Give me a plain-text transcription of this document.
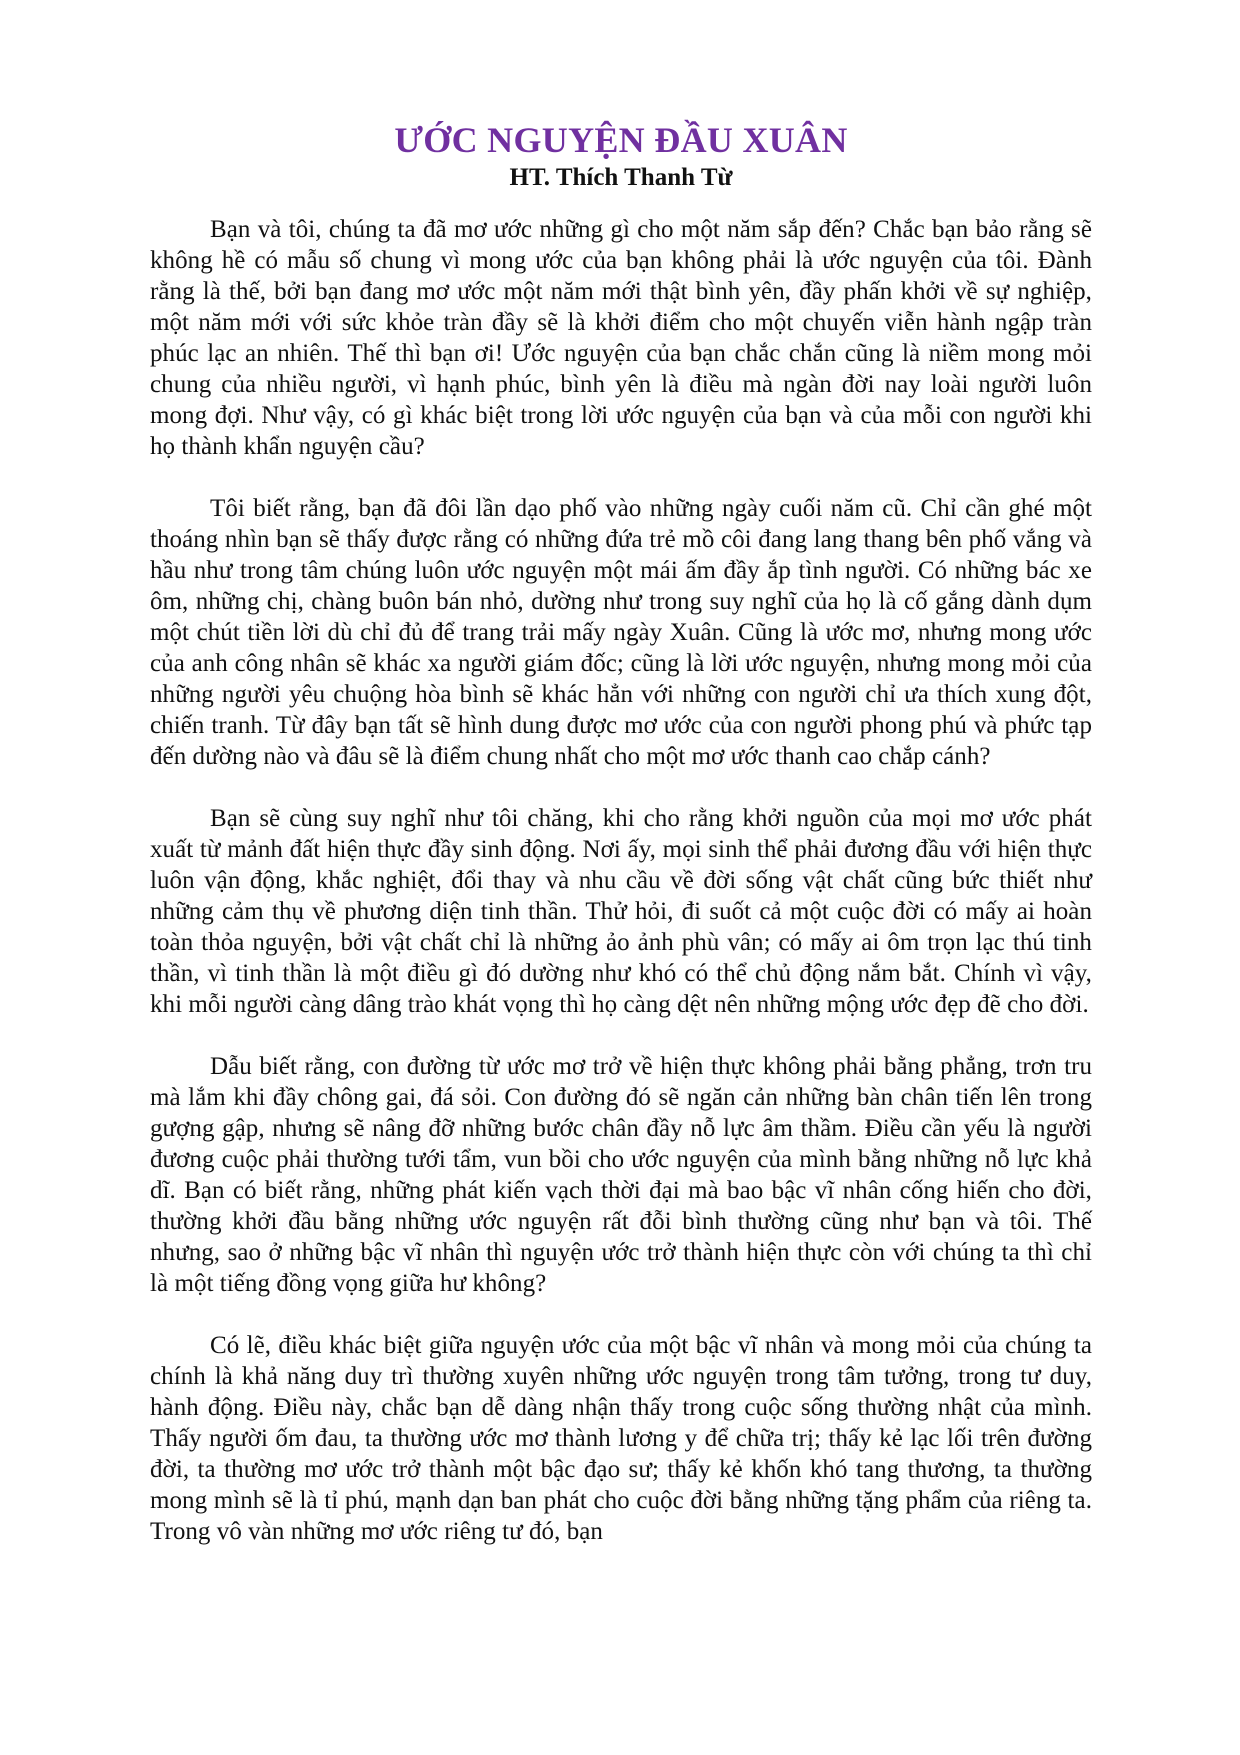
ƯỚC NGUYỆN ĐẦU XUÂN
HT. Thích Thanh Từ

Bạn và tôi, chúng ta đã mơ ước những gì cho một năm sắp đến? Chắc bạn bảo rằng sẽ không hề có mẫu số chung vì mong ước của bạn không phải là ước nguyện của tôi. Đành rằng là thế, bởi bạn đang mơ ước một năm mới thật bình yên, đầy phấn khởi về sự nghiệp, một năm mới với sức khỏe tràn đầy sẽ là khởi điểm cho một chuyến viễn hành ngập tràn phúc lạc an nhiên. Thế thì bạn ơi! Ước nguyện của bạn chắc chắn cũng là niềm mong mỏi chung của nhiều người, vì hạnh phúc, bình yên là điều mà ngàn đời nay loài người luôn mong đợi. Như vậy, có gì khác biệt trong lời ước nguyện của bạn và của mỗi con người khi họ thành khẩn nguyện cầu?

Tôi biết rằng, bạn đã đôi lần dạo phố vào những ngày cuối năm cũ. Chỉ cần ghé một thoáng nhìn bạn sẽ thấy được rằng có những đứa trẻ mồ côi đang lang thang bên phố vắng và hầu như trong tâm chúng luôn ước nguyện một mái ấm đầy ắp tình người. Có những bác xe ôm, những chị, chàng buôn bán nhỏ, dường như trong suy nghĩ của họ là cố gắng dành dụm một chút tiền lời dù chỉ đủ để trang trải mấy ngày Xuân. Cũng là ước mơ, nhưng mong ước của anh công nhân sẽ khác xa người giám đốc; cũng là lời ước nguyện, nhưng mong mỏi của những người yêu chuộng hòa bình sẽ khác hẳn với những con người chỉ ưa thích xung đột, chiến tranh. Từ đây bạn tất sẽ hình dung được mơ ước của con người phong phú và phức tạp đến dường nào và đâu sẽ là điểm chung nhất cho một mơ ước thanh cao chắp cánh?

Bạn sẽ cùng suy nghĩ như tôi chăng, khi cho rằng khởi nguồn của mọi mơ ước phát xuất từ mảnh đất hiện thực đầy sinh động. Nơi ấy, mọi sinh thể phải đương đầu với hiện thực luôn vận động, khắc nghiệt, đổi thay và nhu cầu về đời sống vật chất cũng bức thiết như những cảm thụ về phương diện tinh thần. Thử hỏi, đi suốt cả một cuộc đời có mấy ai hoàn toàn thỏa nguyện, bởi vật chất chỉ là những ảo ảnh phù vân; có mấy ai ôm trọn lạc thú tinh thần, vì tinh thần là một điều gì đó dường như khó có thể chủ động nắm bắt. Chính vì vậy, khi mỗi người càng dâng trào khát vọng thì họ càng dệt nên những mộng ước đẹp đẽ cho đời.

Dẫu biết rằng, con đường từ ước mơ trở về hiện thực không phải bằng phẳng, trơn tru mà lắm khi đầy chông gai, đá sỏi. Con đường đó sẽ ngăn cản những bàn chân tiến lên trong gượng gập, nhưng sẽ nâng đỡ những bước chân đầy nỗ lực âm thầm. Điều cần yếu là người đương cuộc phải thường tưới tẩm, vun bồi cho ước nguyện của mình bằng những nỗ lực khả dĩ. Bạn có biết rằng, những phát kiến vạch thời đại mà bao bậc vĩ nhân cống hiến cho đời, thường khởi đầu bằng những ước nguyện rất đỗi bình thường cũng như bạn và tôi. Thế nhưng, sao ở những bậc vĩ nhân thì nguyện ước trở thành hiện thực còn với chúng ta thì chỉ là một tiếng đồng vọng giữa hư không?

Có lẽ, điều khác biệt giữa nguyện ước của một bậc vĩ nhân và mong mỏi của chúng ta chính là khả năng duy trì thường xuyên những ước nguyện trong tâm tưởng, trong tư duy, hành động. Điều này, chắc bạn dễ dàng nhận thấy trong cuộc sống thường nhật của mình. Thấy người ốm đau, ta thường ước mơ thành lương y để chữa trị; thấy kẻ lạc lối trên đường đời, ta thường mơ ước trở thành một bậc đạo sư; thấy kẻ khốn khó tang thương, ta thường mong mình sẽ là tỉ phú, mạnh dạn ban phát cho cuộc đời bằng những tặng phẩm của riêng ta. Trong vô vàn những mơ ước riêng tư đó, bạn
